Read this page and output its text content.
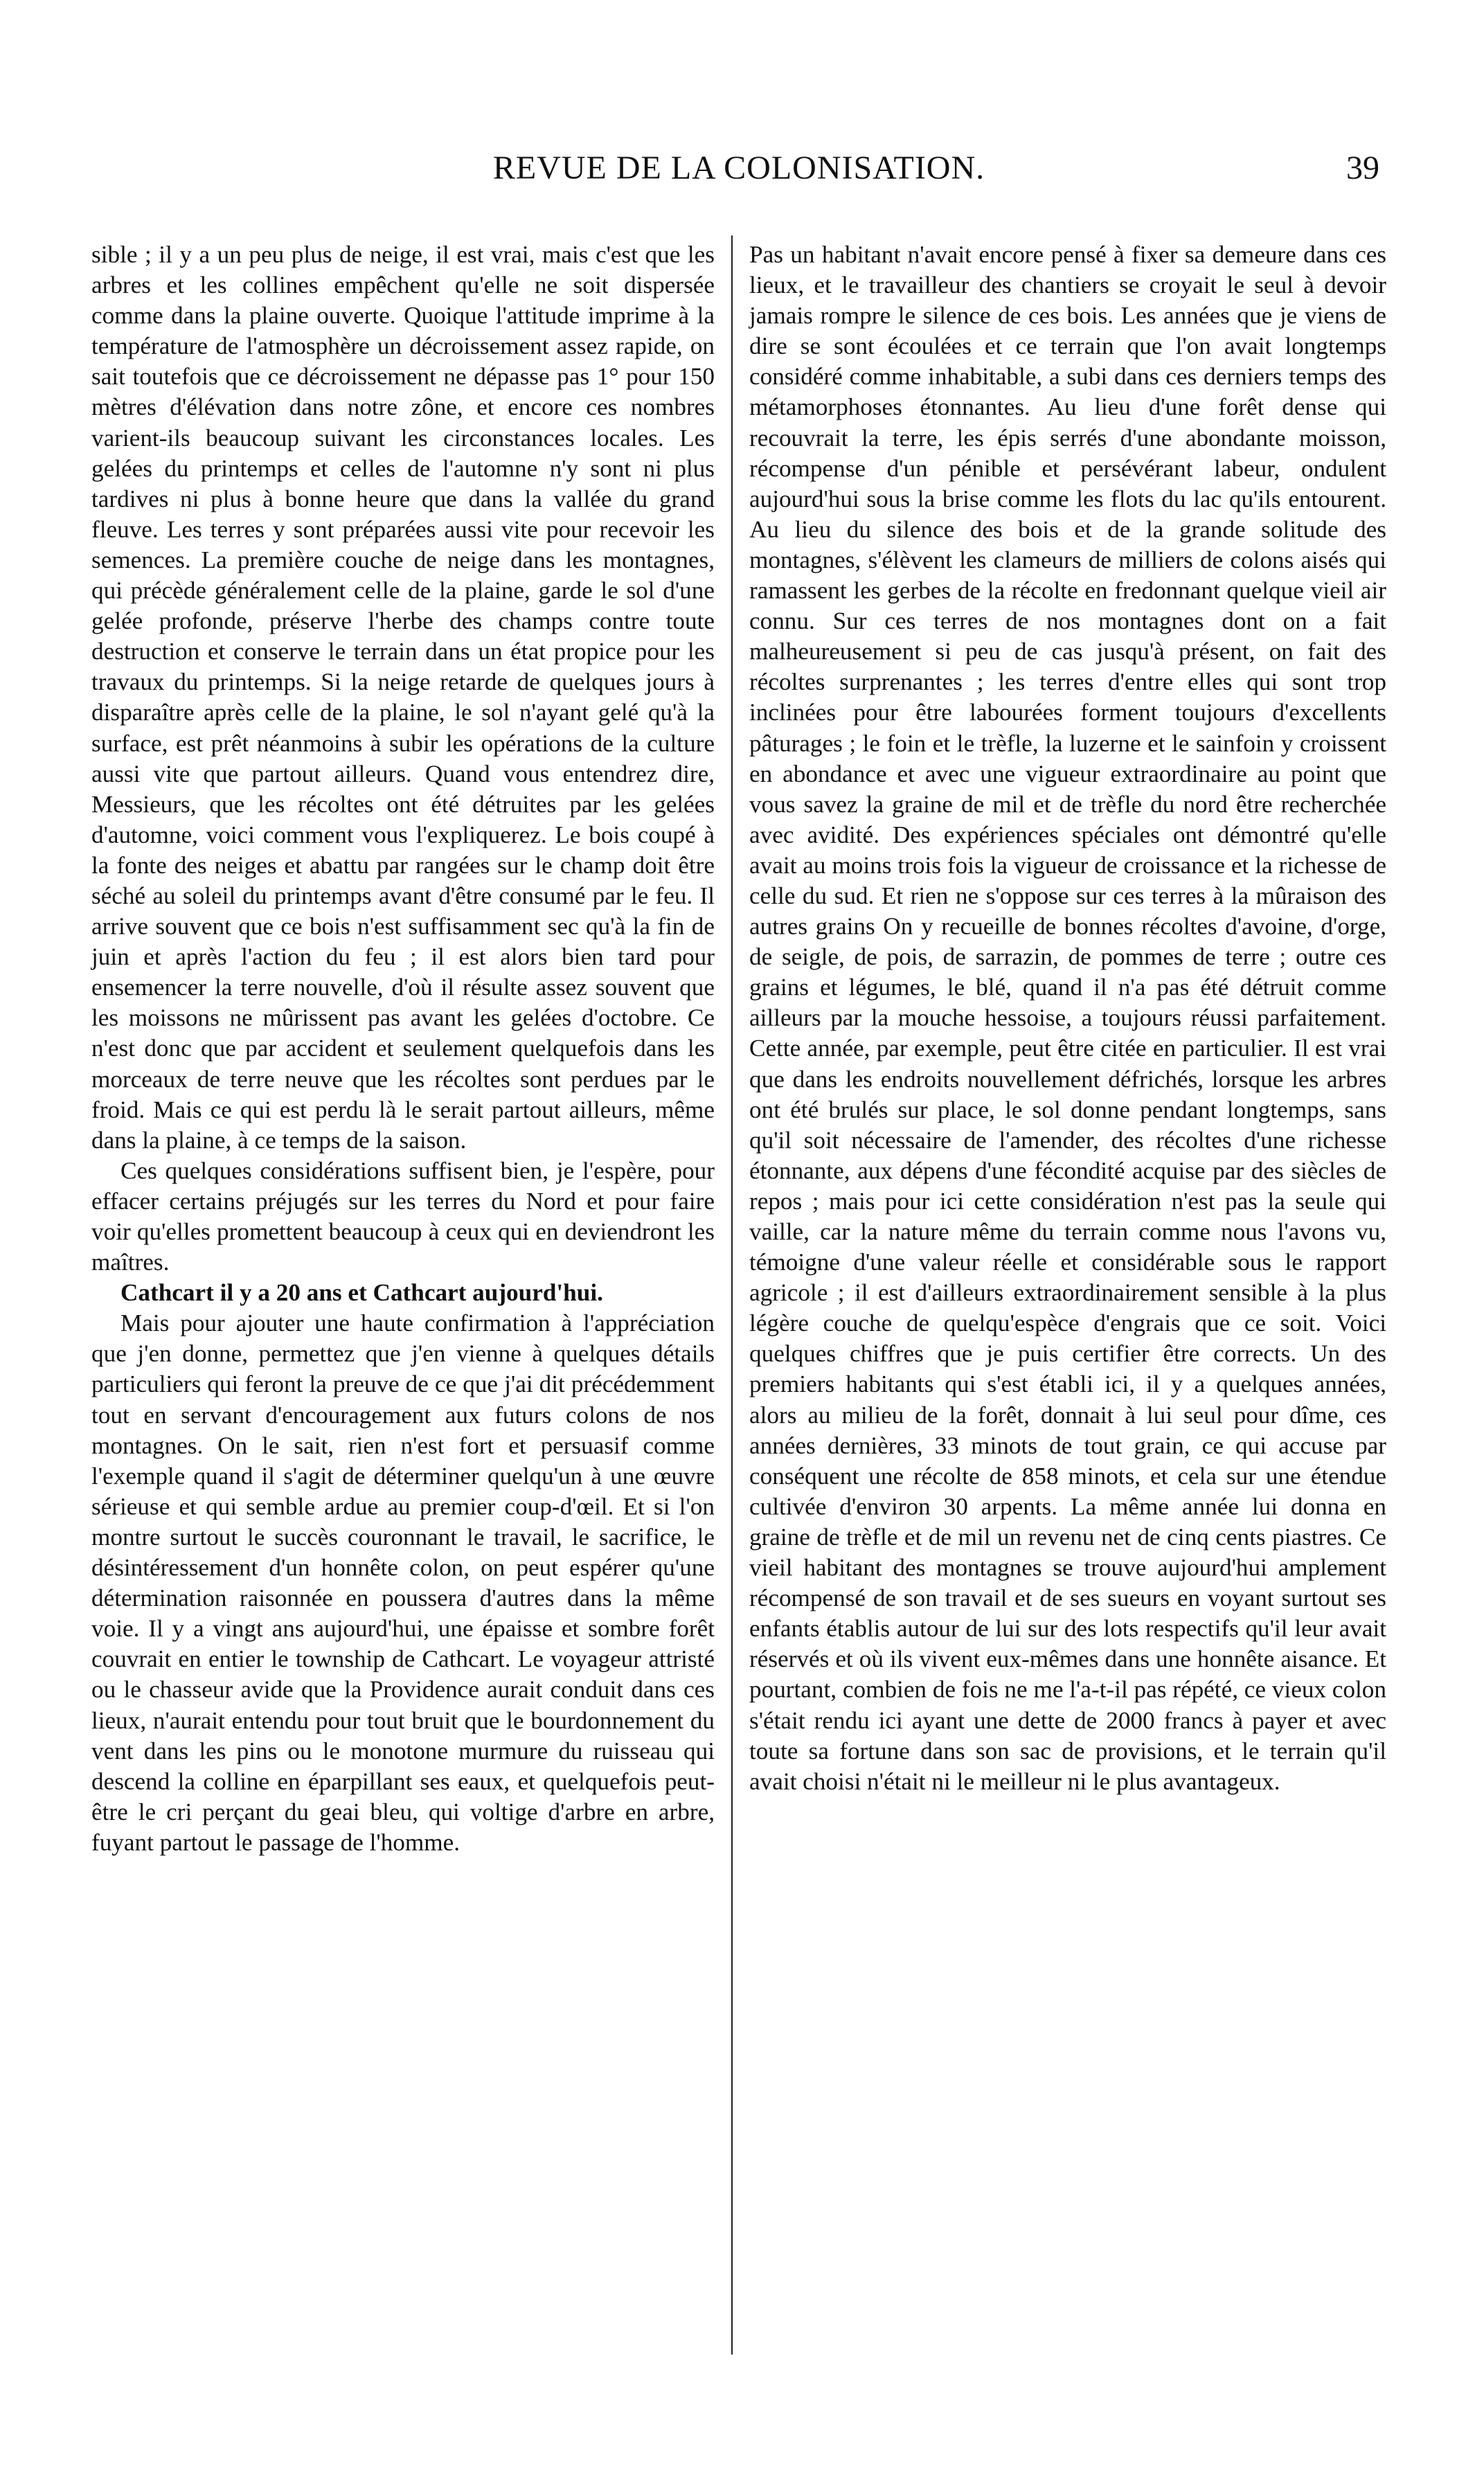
REVUE DE LA COLONISATION.	39

sible ; il y a un peu plus de neige, il est vrai, mais c'est que les arbres et les collines empêchent qu'elle ne soit dispersée comme dans la plaine ouverte. Quoique l'attitude imprime à la température de l'atmosphère un décroissement assez rapide, on sait toutefois que ce décroissement ne dépasse pas 1° pour 150 mètres d'élévation dans notre zône, et encore ces nombres varient-ils beaucoup suivant les circonstances locales. Les gelées du printemps et celles de l'automne n'y sont ni plus tardives ni plus à bonne heure que dans la vallée du grand fleuve. Les terres y sont préparées aussi vite pour recevoir les semences. La première couche de neige dans les montagnes, qui précède généralement celle de la plaine, garde le sol d'une gelée profonde, préserve l'herbe des champs contre toute destruction et conserve le terrain dans un état propice pour les travaux du printemps. Si la neige retarde de quelques jours à disparaître après celle de la plaine, le sol n'ayant gelé qu'à la surface, est prêt néanmoins à subir les opérations de la culture aussi vite que partout ailleurs. Quand vous entendrez dire, Messieurs, que les récoltes ont été détruites par les gelées d'automne, voici comment vous l'expliquerez. Le bois coupé à la fonte des neiges et abattu par rangées sur le champ doit être séché au soleil du printemps avant d'être consumé par le feu. Il arrive souvent que ce bois n'est suffisamment sec qu'à la fin de juin et après l'action du feu ; il est alors bien tard pour ensemencer la terre nouvelle, d'où il résulte assez souvent que les moissons ne mûrissent pas avant les gelées d'octobre. Ce n'est donc que par accident et seulement quelquefois dans les morceaux de terre neuve que les récoltes sont perdues par le froid. Mais ce qui est perdu là le serait partout ailleurs, même dans la plaine, à ce temps de la saison.

Ces quelques considérations suffisent bien, je l'espère, pour effacer certains préjugés sur les terres du Nord et pour faire voir qu'elles promettent beaucoup à ceux qui en deviendront les maîtres.

Cathcart il y a 20 ans et Cathcart aujourd'hui.

Mais pour ajouter une haute confirmation à l'appréciation que j'en donne, permettez que j'en vienne à quelques détails particuliers qui feront la preuve de ce que j'ai dit précédemment tout en servant d'encouragement aux futurs colons de nos montagnes. On le sait, rien n'est fort et persuasif comme l'exemple quand il s'agit de déterminer quelqu'un à une œuvre sérieuse et qui semble ardue au premier coup-d'œil. Et si l'on montre surtout le succès couronnant le travail, le sacrifice, le désintéressement d'un honnête colon, on peut espérer qu'une détermination raisonnée en poussera d'autres dans la même voie. Il y a vingt ans aujourd'hui, une épaisse et sombre forêt couvrait en entier le township de Cathcart. Le voyageur attristé ou le chasseur avide que la Providence aurait conduit dans ces lieux, n'aurait entendu pour tout bruit que le bourdonnement du vent dans les pins ou le monotone murmure du ruisseau qui descend la colline en éparpillant ses eaux, et quelquefois peut-être le cri perçant du geai bleu, qui voltige d'arbre en arbre, fuyant partout le passage de l'homme.

Pas un habitant n'avait encore pensé à fixer sa demeure dans ces lieux, et le travailleur des chantiers se croyait le seul à devoir jamais rompre le silence de ces bois. Les années que je viens de dire se sont écoulées et ce terrain que l'on avait longtemps considéré comme inhabitable, a subi dans ces derniers temps des métamorphoses étonnantes. Au lieu d'une forêt dense qui recouvrait la terre, les épis serrés d'une abondante moisson, récompense d'un pénible et persévérant labeur, ondulent aujourd'hui sous la brise comme les flots du lac qu'ils entourent. Au lieu du silence des bois et de la grande solitude des montagnes, s'élèvent les clameurs de milliers de colons aisés qui ramassent les gerbes de la récolte en fredonnant quelque vieil air connu. Sur ces terres de nos montagnes dont on a fait malheureusement si peu de cas jusqu'à présent, on fait des récoltes surprenantes ; les terres d'entre elles qui sont trop inclinées pour être labourées forment toujours d'excellents pâturages ; le foin et le trèfle, la luzerne et le sainfoin y croissent en abondance et avec une vigueur extraordinaire au point que vous savez la graine de mil et de trèfle du nord être recherchée avec avidité. Des expériences spéciales ont démontré qu'elle avait au moins trois fois la vigueur de croissance et la richesse de celle du sud. Et rien ne s'oppose sur ces terres à la mûraison des autres grains On y recueille de bonnes récoltes d'avoine, d'orge, de seigle, de pois, de sarrazin, de pommes de terre ; outre ces grains et légumes, le blé, quand il n'a pas été détruit comme ailleurs par la mouche hessoise, a toujours réussi parfaitement. Cette année, par exemple, peut être citée en particulier. Il est vrai que dans les endroits nouvellement défrichés, lorsque les arbres ont été brulés sur place, le sol donne pendant longtemps, sans qu'il soit nécessaire de l'amender, des récoltes d'une richesse étonnante, aux dépens d'une fécondité acquise par des siècles de repos ; mais pour ici cette considération n'est pas la seule qui vaille, car la nature même du terrain comme nous l'avons vu, témoigne d'une valeur réelle et considérable sous le rapport agricole ; il est d'ailleurs extraordinairement sensible à la plus légère couche de quelqu'espèce d'engrais que ce soit. Voici quelques chiffres que je puis certifier être corrects. Un des premiers habitants qui s'est établi ici, il y a quelques années, alors au milieu de la forêt, donnait à lui seul pour dîme, ces années dernières, 33 minots de tout grain, ce qui accuse par conséquent une récolte de 858 minots, et cela sur une étendue cultivée d'environ 30 arpents. La même année lui donna en graine de trèfle et de mil un revenu net de cinq cents piastres. Ce vieil habitant des montagnes se trouve aujourd'hui amplement récompensé de son travail et de ses sueurs en voyant surtout ses enfants établis autour de lui sur des lots respectifs qu'il leur avait réservés et où ils vivent eux-mêmes dans une honnête aisance. Et pourtant, combien de fois ne me l'a-t-il pas répété, ce vieux colon s'était rendu ici ayant une dette de 2000 francs à payer et avec toute sa fortune dans son sac de provisions, et le terrain qu'il avait choisi n'était ni le meilleur ni le plus avantageux.
